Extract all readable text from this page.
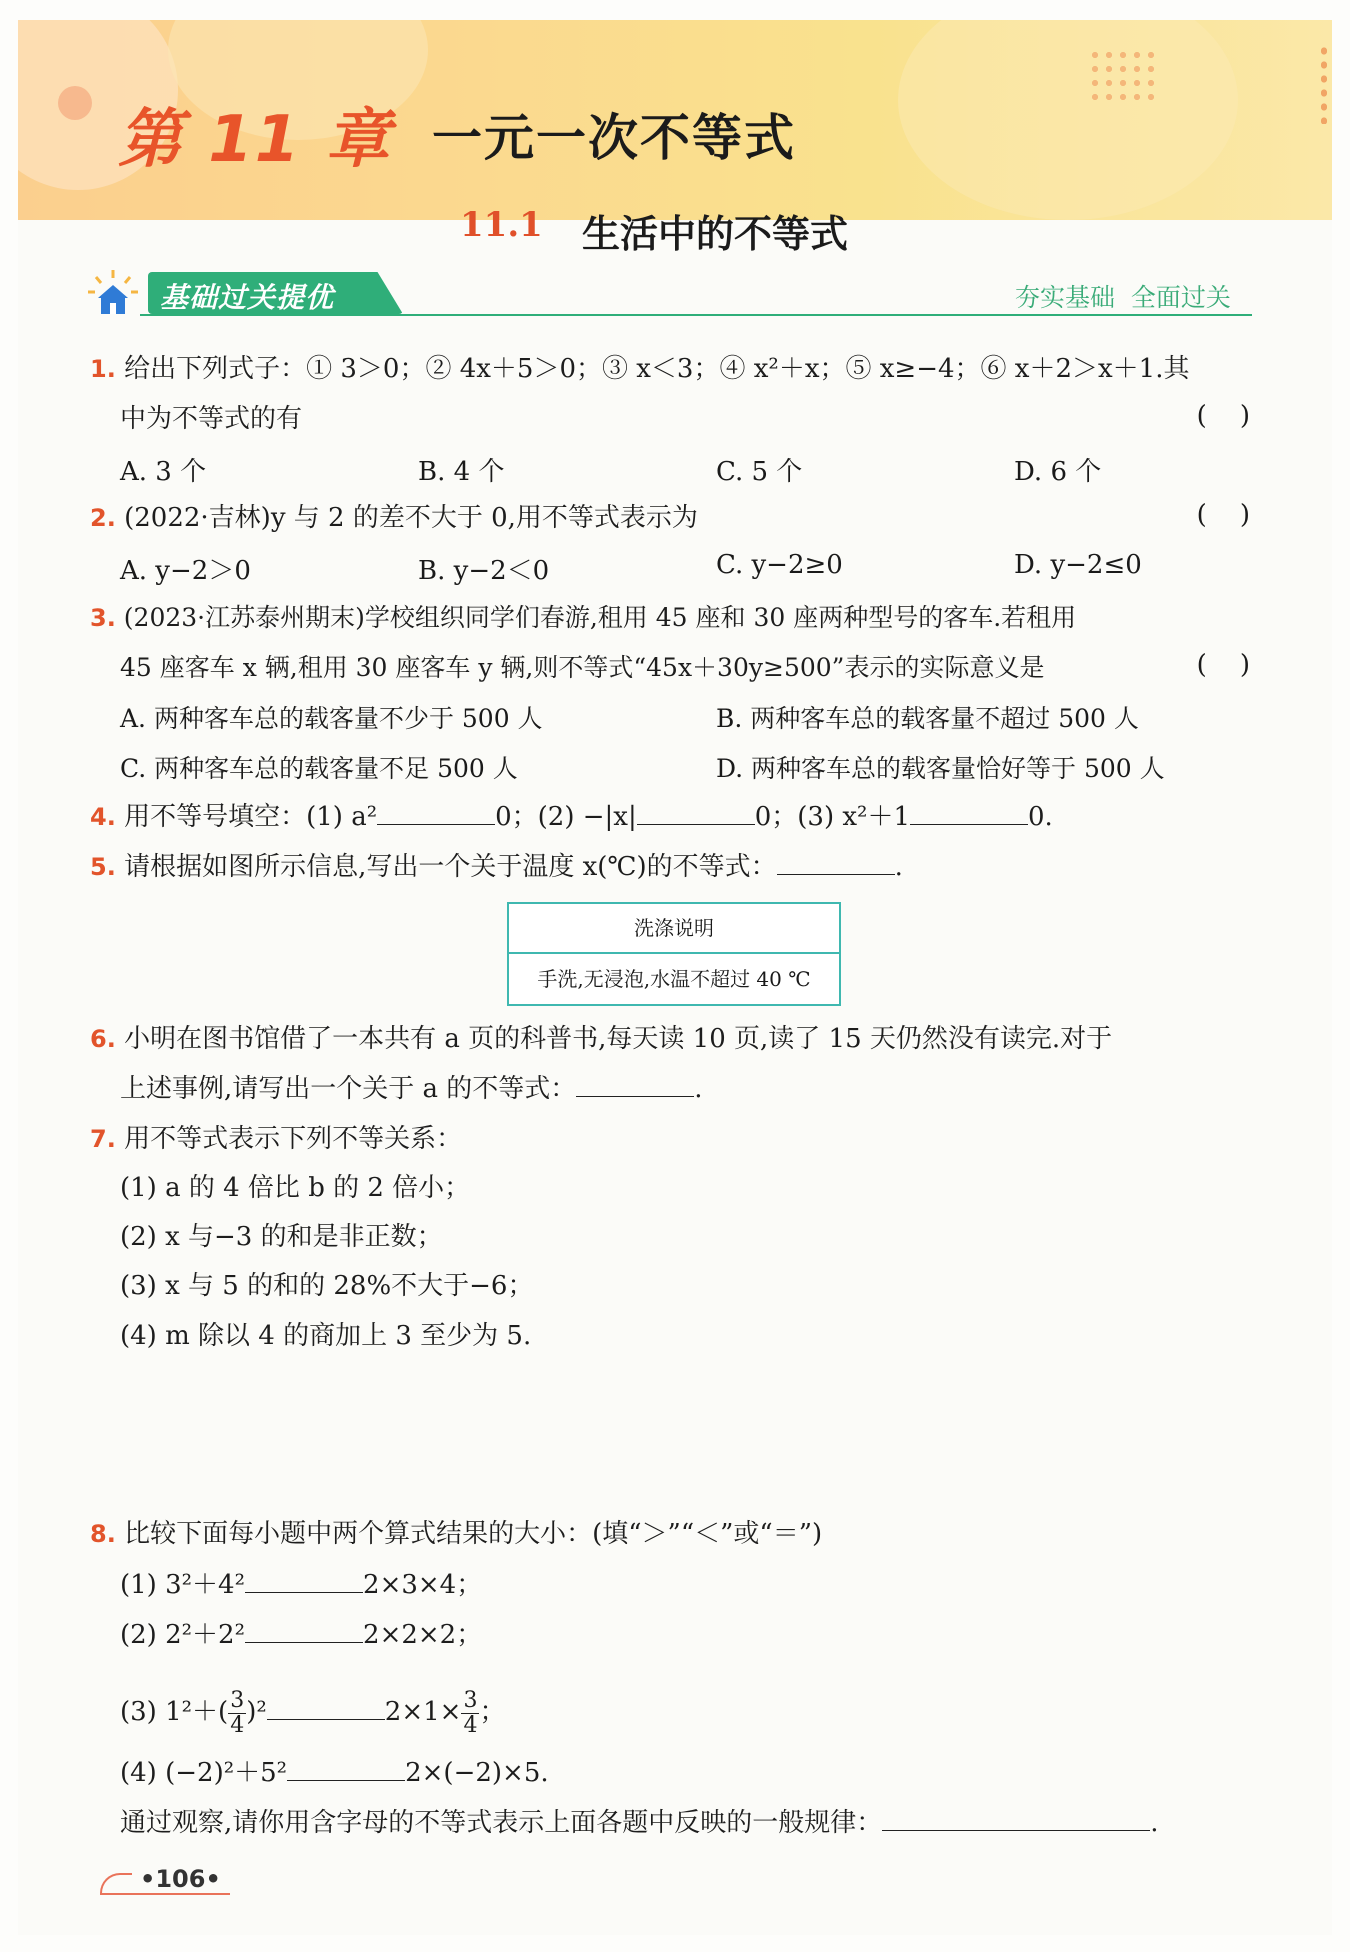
第 11 章 一元一次不等式
11.1 生活中的不等式
基础过关提优	夯实基础  全面过关
1. 给出下列式子：① 3＞0；② 4x＋5＞0；③ x＜3；④ x²＋x；⑤ x≥−4；⑥ x＋2＞x＋1.其
中为不等式的有	(    )
A. 3 个	B. 4 个	C. 5 个	D. 6 个
2. (2022·吉林)y 与 2 的差不大于 0,用不等式表示为	(    )
A. y−2＞0	B. y−2＜0	C. y−2≥0	D. y−2≤0
3. (2023·江苏泰州期末)学校组织同学们春游,租用 45 座和 30 座两种型号的客车.若租用
45 座客车 x 辆,租用 30 座客车 y 辆,则不等式“45x＋30y≥500”表示的实际意义是	(    )
A. 两种客车总的载客量不少于 500 人	B. 两种客车总的载客量不超过 500 人
C. 两种客车总的载客量不足 500 人	D. 两种客车总的载客量恰好等于 500 人
4. 用不等号填空：(1) a²	0；(2) −|x|	0；(3) x²＋1	0.
5. 请根据如图所示信息,写出一个关于温度 x(℃)的不等式：	.
洗涤说明
手洗,无浸泡,水温不超过 40 ℃
6. 小明在图书馆借了一本共有 a 页的科普书,每天读 10 页,读了 15 天仍然没有读完.对于
上述事例,请写出一个关于 a 的不等式：	.
7. 用不等式表示下列不等关系：
(1) a 的 4 倍比 b 的 2 倍小；
(2) x 与−3 的和是非正数；
(3) x 与 5 的和的 28%不大于−6；
(4) m 除以 4 的商加上 3 至少为 5.
8. 比较下面每小题中两个算式结果的大小：(填“＞”“＜”或“＝”)
(1) 3²＋4²	2×3×4；
(2) 2²＋2²	2×2×2；
(3) $1^2+( \frac{3}{4} )^2$	$2\times 1\times \frac{3}{4}$ ；
(4) (−2)²＋5²	2×(−2)×5.
通过观察,请你用含字母的不等式表示上面各题中反映的一般规律：	.
•106•
